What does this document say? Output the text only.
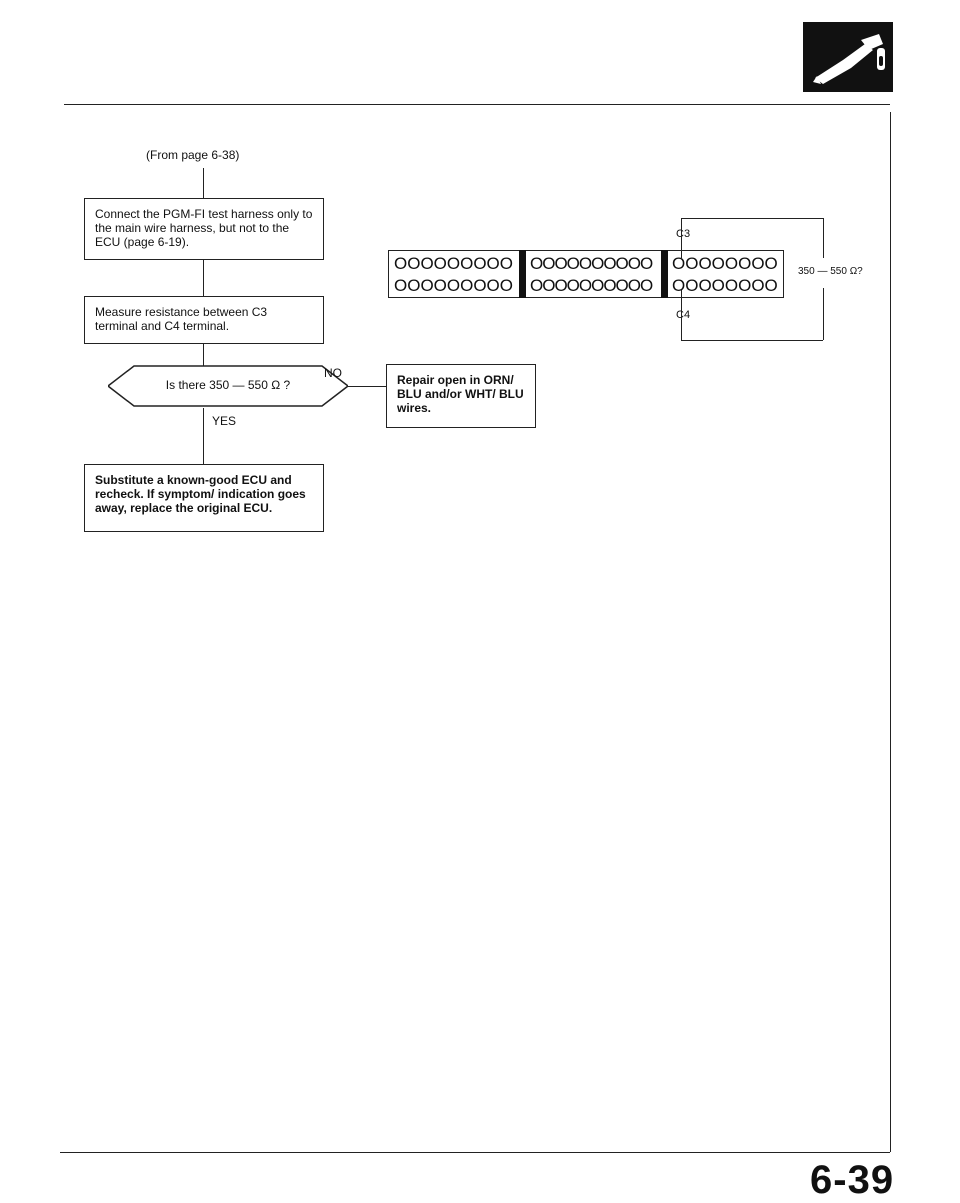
(From page 6-38)
Connect the PGM-FI test harness only to the main wire harness, but not to the ECU (page 6-19).
Measure resistance between C3 terminal and C4 terminal.
Is there 350 — 550 Ω ?
NO	Repair open in ORN/ BLU and/or WHT/ BLU wires.
YES
Substitute a known-good ECU and recheck. If symptom/ indication goes away, replace the original ECU.
OOOOOOOOO
OOOOOOOOO
OOOOOOOOOO
OOOOOOOOOO
OOOOOOOO
OOOOOOOO
C3
C4
350 — 550 Ω?
6-39
